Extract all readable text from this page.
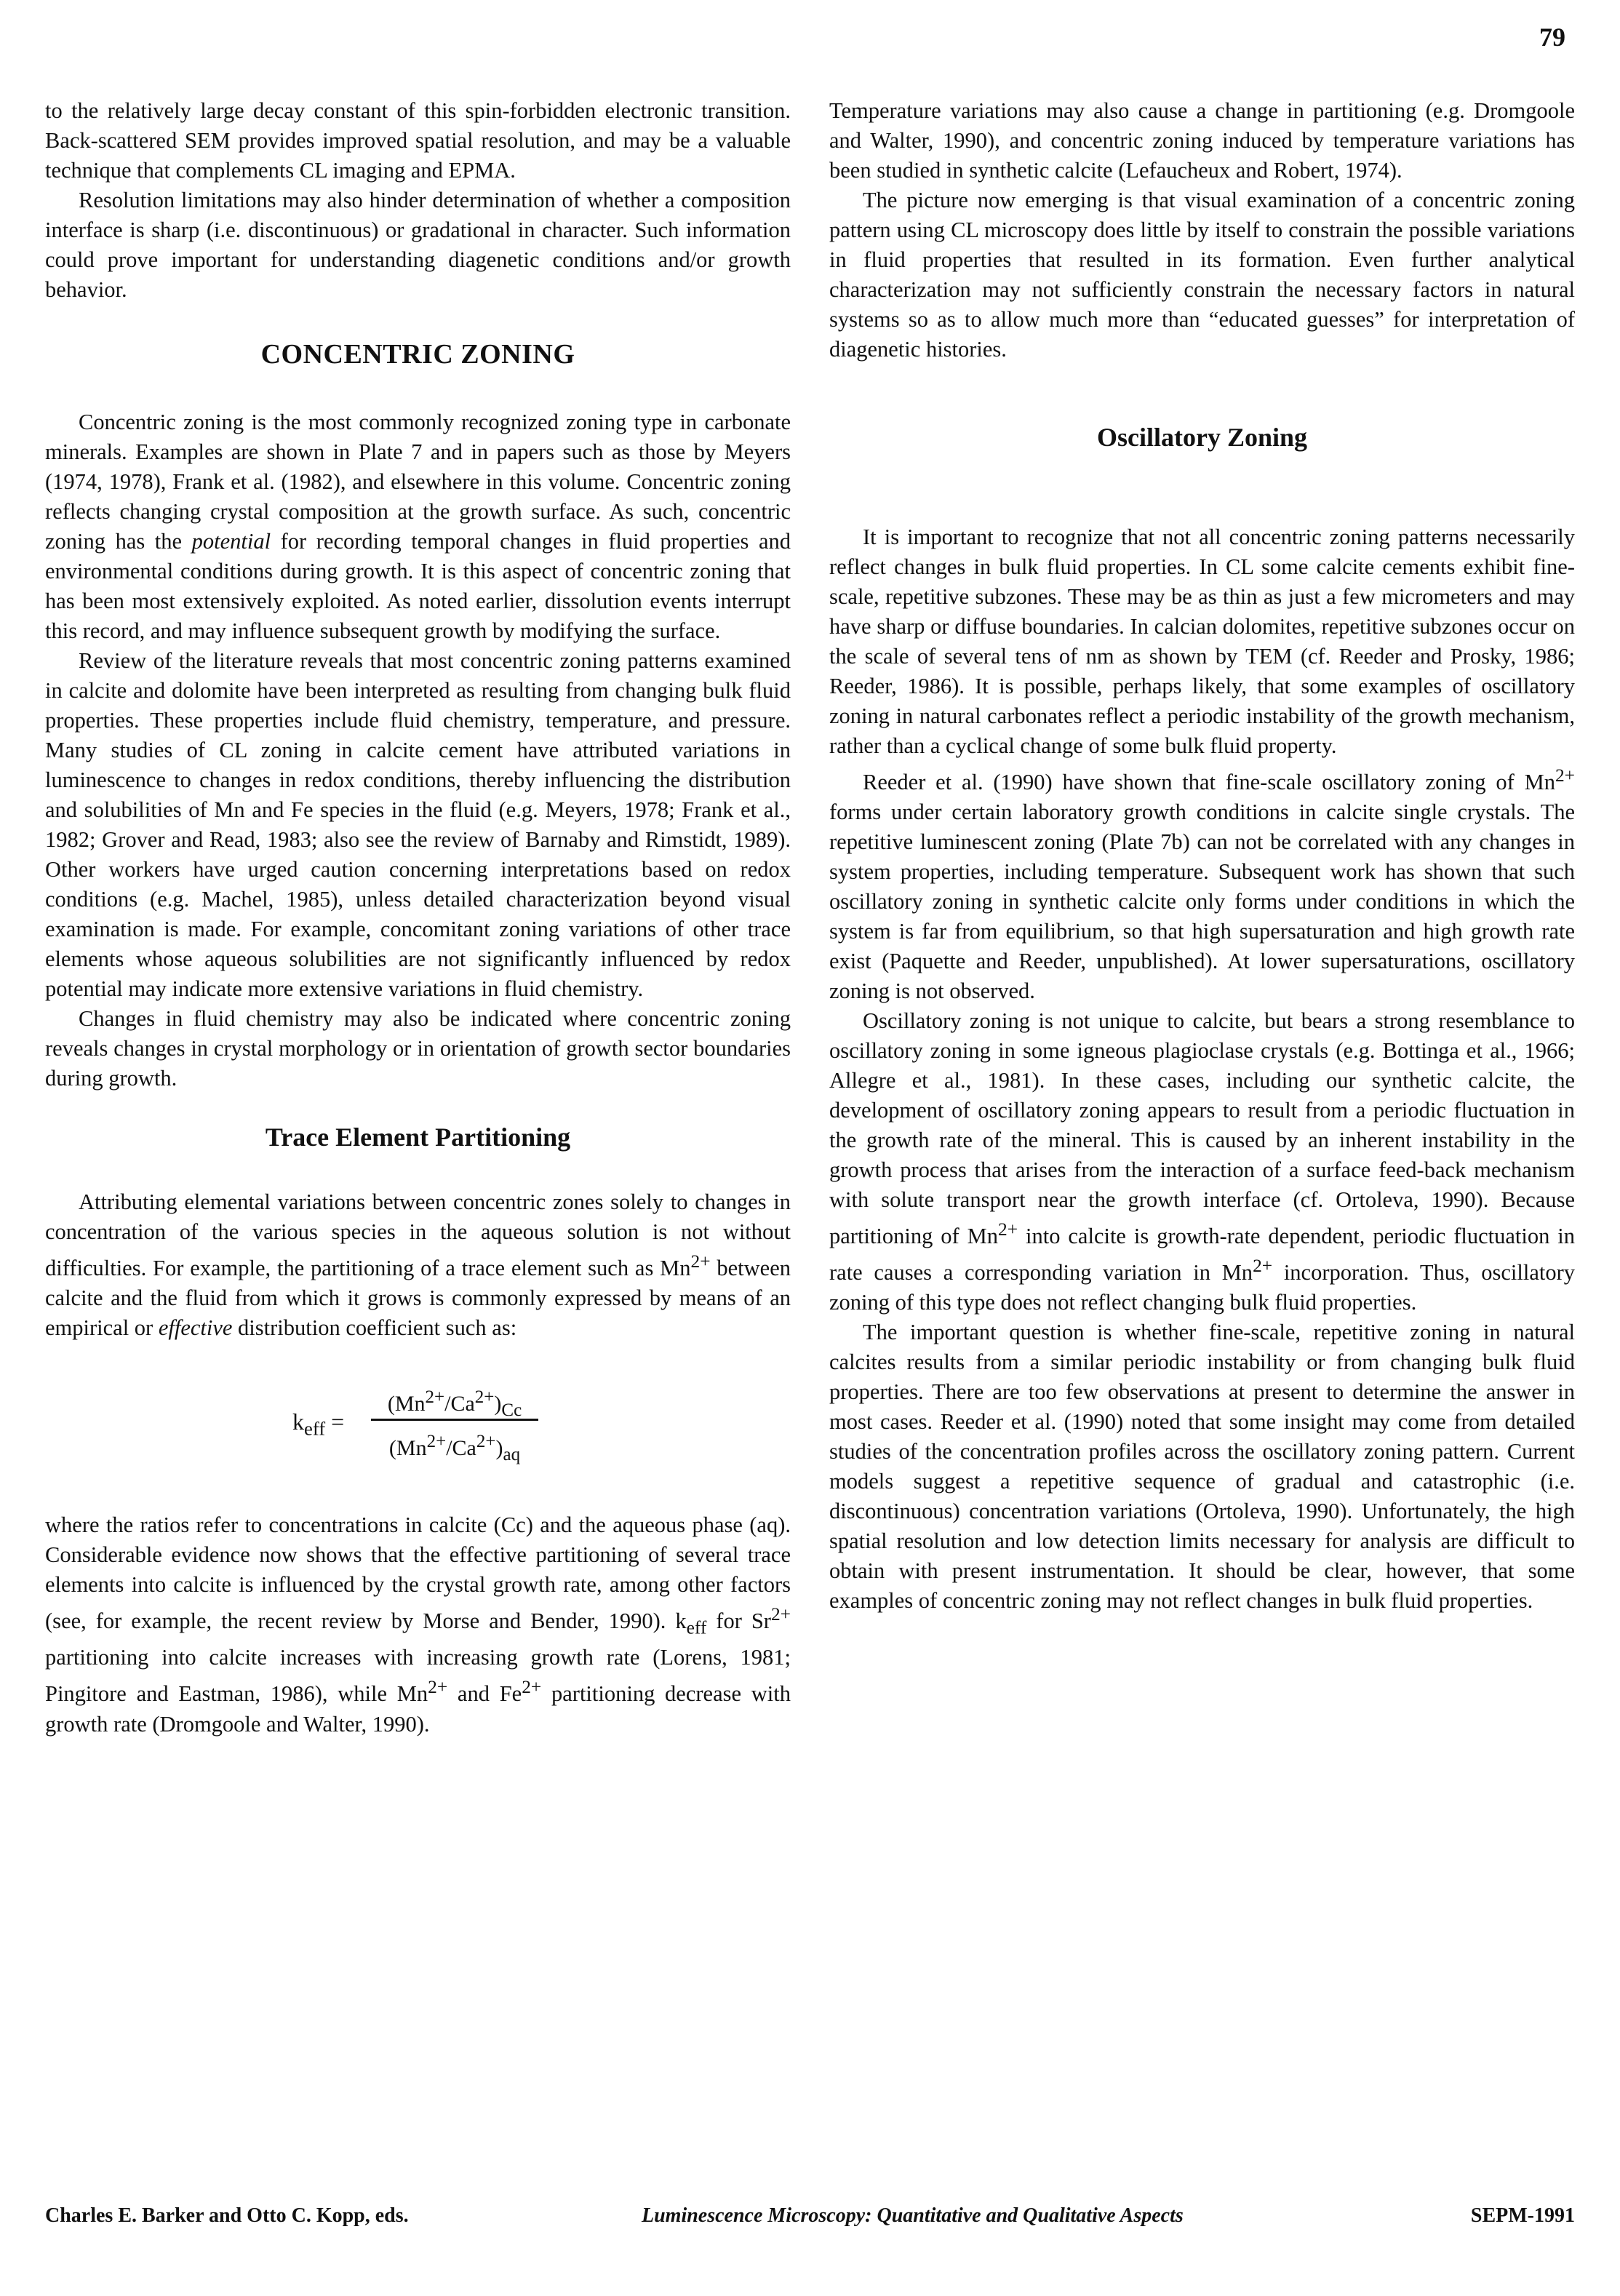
79

to the relatively large decay constant of this spin-forbidden electronic transition. Back-scattered SEM provides improved spatial resolution, and may be a valuable technique that complements CL imaging and EPMA.

Resolution limitations may also hinder determination of whether a composition interface is sharp (i.e. discontinuous) or gradational in character. Such information could prove important for understanding diagenetic conditions and/or growth behavior.

CONCENTRIC ZONING

Concentric zoning is the most commonly recognized zoning type in carbonate minerals. Examples are shown in Plate 7 and in papers such as those by Meyers (1974, 1978), Frank et al. (1982), and elsewhere in this volume. Concentric zoning reflects changing crystal composition at the growth surface. As such, concentric zoning has the potential for recording temporal changes in fluid properties and environmental conditions during growth. It is this aspect of concentric zoning that has been most extensively exploited. As noted earlier, dissolution events interrupt this record, and may influence subsequent growth by modifying the surface.

Review of the literature reveals that most concentric zoning patterns examined in calcite and dolomite have been interpreted as resulting from changing bulk fluid properties. These properties include fluid chemistry, temperature, and pressure. Many studies of CL zoning in calcite cement have attributed variations in luminescence to changes in redox conditions, thereby influencing the distribution and solubilities of Mn and Fe species in the fluid (e.g. Meyers, 1978; Frank et al., 1982; Grover and Read, 1983; also see the review of Barnaby and Rimstidt, 1989). Other workers have urged caution concerning interpretations based on redox conditions (e.g. Machel, 1985), unless detailed characterization beyond visual examination is made. For example, concomitant zoning variations of other trace elements whose aqueous solubilities are not significantly influenced by redox potential may indicate more extensive variations in fluid chemistry.

Changes in fluid chemistry may also be indicated where concentric zoning reveals changes in crystal morphology or in orientation of growth sector boundaries during growth.

Trace Element Partitioning

Attributing elemental variations between concentric zones solely to changes in concentration of the various species in the aqueous solution is not without difficulties. For example, the partitioning of a trace element such as $Mn^{2+}$ between calcite and the fluid from which it grows is commonly expressed by means of an empirical or effective distribution coefficient such as:

$k_{eff}$ =
$(Mn^{2+}/Ca^{2+})_{Cc}$
$(Mn^{2+}/Ca^{2+})_{aq}$

where the ratios refer to concentrations in calcite (Cc) and the aqueous phase (aq). Considerable evidence now shows that the effective partitioning of several trace elements into calcite is influenced by the crystal growth rate, among other factors (see, for example, the recent review by Morse and Bender, 1990). $k_{eff}$ for $Sr^{2+}$ partitioning into calcite increases with increasing growth rate (Lorens, 1981; Pingitore and Eastman, 1986), while $Mn^{2+}$ and $Fe^{2+}$ partitioning decrease with growth rate (Dromgoole and Walter, 1990).

Temperature variations may also cause a change in partitioning (e.g. Dromgoole and Walter, 1990), and concentric zoning induced by temperature variations has been studied in synthetic calcite (Lefaucheux and Robert, 1974).

The picture now emerging is that visual examination of a concentric zoning pattern using CL microscopy does little by itself to constrain the possible variations in fluid properties that resulted in its formation. Even further analytical characterization may not sufficiently constrain the necessary factors in natural systems so as to allow much more than “educated guesses” for interpretation of diagenetic histories.

Oscillatory Zoning

It is important to recognize that not all concentric zoning patterns necessarily reflect changes in bulk fluid properties. In CL some calcite cements exhibit fine-scale, repetitive subzones. These may be as thin as just a few micrometers and may have sharp or diffuse boundaries. In calcian dolomites, repetitive subzones occur on the scale of several tens of nm as shown by TEM (cf. Reeder and Prosky, 1986; Reeder, 1986). It is possible, perhaps likely, that some examples of oscillatory zoning in natural carbonates reflect a periodic instability of the growth mechanism, rather than a cyclical change of some bulk fluid property.

Reeder et al. (1990) have shown that fine-scale oscillatory zoning of $Mn^{2+}$ forms under certain laboratory growth conditions in calcite single crystals. The repetitive luminescent zoning (Plate 7b) can not be correlated with any changes in system properties, including temperature. Subsequent work has shown that such oscillatory zoning in synthetic calcite only forms under conditions in which the system is far from equilibrium, so that high supersaturation and high growth rate exist (Paquette and Reeder, unpublished). At lower supersaturations, oscillatory zoning is not observed.

Oscillatory zoning is not unique to calcite, but bears a strong resemblance to oscillatory zoning in some igneous plagioclase crystals (e.g. Bottinga et al., 1966; Allegre et al., 1981). In these cases, including our synthetic calcite, the development of oscillatory zoning appears to result from a periodic fluctuation in the growth rate of the mineral. This is caused by an inherent instability in the growth process that arises from the interaction of a surface feed-back mechanism with solute transport near the growth interface (cf. Ortoleva, 1990). Because partitioning of $Mn^{2+}$ into calcite is growth-rate dependent, periodic fluctuation in rate causes a corresponding variation in $Mn^{2+}$ incorporation. Thus, oscillatory zoning of this type does not reflect changing bulk fluid properties.

The important question is whether fine-scale, repetitive zoning in natural calcites results from a similar periodic instability or from changing bulk fluid properties. There are too few observations at present to determine the answer in most cases. Reeder et al. (1990) noted that some insight may come from detailed studies of the concentration profiles across the oscillatory zoning pattern. Current models suggest a repetitive sequence of gradual and catastrophic (i.e. discontinuous) concentration variations (Ortoleva, 1990). Unfortunately, the high spatial resolution and low detection limits necessary for analysis are difficult to obtain with present instrumentation. It should be clear, however, that some examples of concentric zoning may not reflect changes in bulk fluid properties.

Charles E. Barker and Otto C. Kopp, eds.	Luminescence Microscopy: Quantitative and Qualitative Aspects	SEPM-1991
